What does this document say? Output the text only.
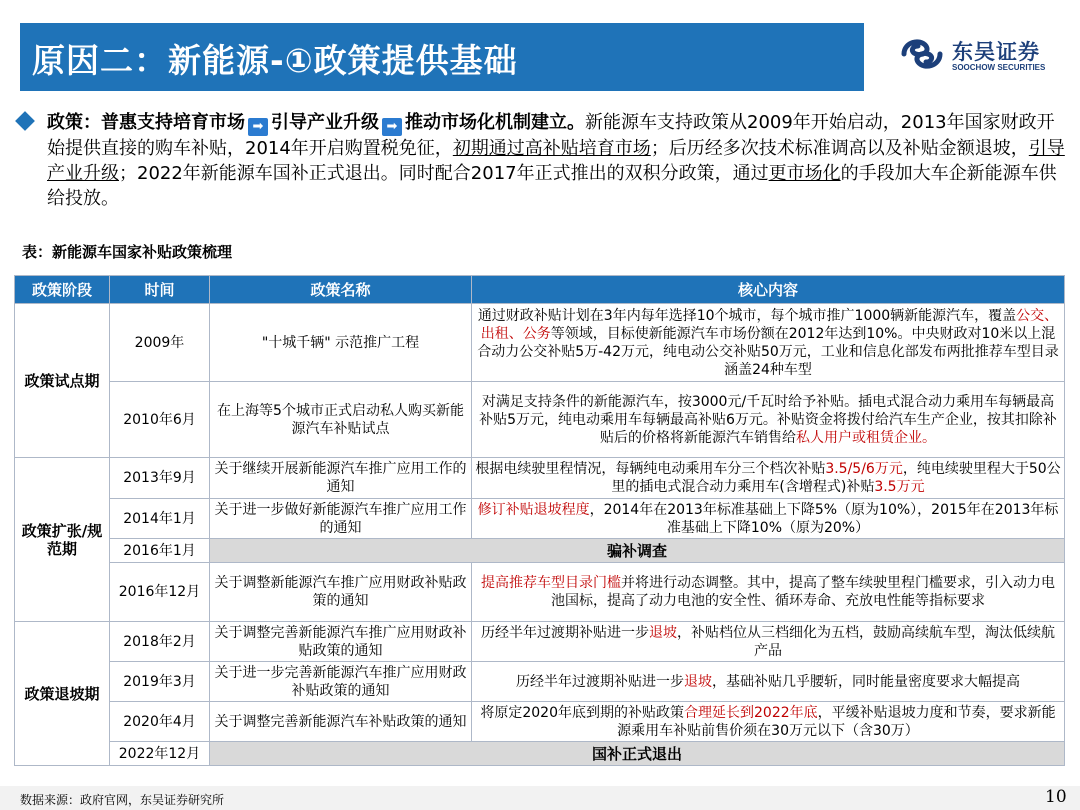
原因二：新能源-①政策提供基础	东吴证券
SOOCHOW SECURITIES
政策：普惠支持培育市场 ➡ 引导产业升级 ➡ 推动市场化机制建立。新能源车支持政策从2009年开始启动，2013年国家财政开始提供直接的购车补贴，2014年开启购置税免征，初期通过高补贴培育市场；后历经多次技术标准调高以及补贴金额退坡，引导产业升级；2022年新能源车国补正式退出。同时配合2017年正式推出的双积分政策，通过更市场化的手段加大车企新能源车供给投放。
表：新能源车国家补贴政策梳理
政策阶段	时间	政策名称	核心内容
政策试点期	2009年	"十城千辆" 示范推广工程	通过财政补贴计划在3年内每年选择10个城市，每个城市推广1000辆新能源汽车，覆盖公交、出租、公务等领域，目标使新能源汽车市场份额在2012年达到10%。中央财政对10米以上混合动力公交补贴5万-42万元，纯电动公交补贴50万元，工业和信息化部发布两批推荐车型目录涵盖24种车型
	2010年6月	在上海等5个城市正式启动私人购买新能源汽车补贴试点	对满足支持条件的新能源汽车，按3000元/千瓦时给予补贴。插电式混合动力乘用车每辆最高补贴5万元，纯电动乘用车每辆最高补贴6万元。补贴资金将拨付给汽车生产企业，按其扣除补贴后的价格将新能源汽车销售给私人用户或租赁企业。
政策扩张/规范期	2013年9月	关于继续开展新能源汽车推广应用工作的通知	根据电续驶里程情况，每辆纯电动乘用车分三个档次补贴3.5/5/6万元，纯电续驶里程大于50公里的插电式混合动力乘用车(含增程式)补贴3.5万元
	2014年1月	关于进一步做好新能源汽车推广应用工作的通知	修订补贴退坡程度，2014年在2013年标准基础上下降5%（原为10%），2015年在2013年标准基础上下降10%（原为20%）
	2016年1月	骗补调查	
	2016年12月	关于调整新能源汽车推广应用财政补贴政策的通知	提高推荐车型目录门槛并将进行动态调整。其中，提高了整车续驶里程门槛要求，引入动力电池国标，提高了动力电池的安全性、循环寿命、充放电性能等指标要求
政策退坡期	2018年2月	关于调整完善新能源汽车推广应用财政补贴政策的通知	历经半年过渡期补贴进一步退坡，补贴档位从三档细化为五档，鼓励高续航车型，淘汰低续航产品
	2019年3月	关于进一步完善新能源汽车推广应用财政补贴政策的通知	历经半年过渡期补贴进一步退坡，基础补贴几乎腰斩，同时能量密度要求大幅提高
	2020年4月	关于调整完善新能源汽车补贴政策的通知	将原定2020年底到期的补贴政策合理延长到2022年底，平缓补贴退坡力度和节奏，要求新能源乘用车补贴前售价须在30万元以下（含30万）
	2022年12月	国补正式退出	
数据来源：政府官网，东吴证券研究所	10
